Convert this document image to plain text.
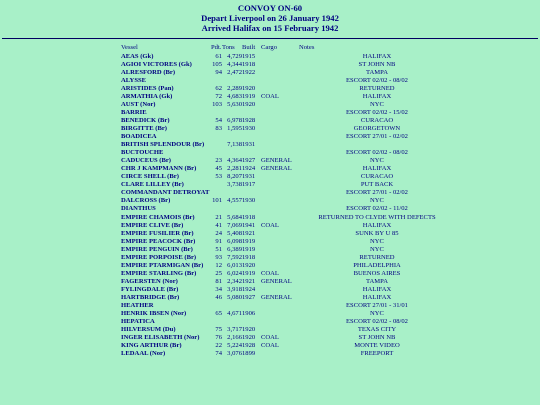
CONVOY ON-60
Depart Liverpool on 26 January 1942
Arrived Halifax on 15 February 1942
Vessel	Pdt.	Tons	Built	Cargo	Notes
AEAS (Gk)	61	4,729	1915		HALIFAX
AGIOI VICTORES (Gk)	105	4,344	1918		ST JOHN NB
ALRESFORD (Br)	94	2,472	1922		TAMPA
ALYSSE					ESCORT 02/02 - 08/02
ARISTIDES (Pan)	62	2,289	1920		RETURNED
ARMATHIA (Gk)	72	4,683	1919	COAL	HALIFAX
AUST (Nor)	103	5,630	1920		NYC
BARRIE					ESCORT 02/02 - 15/02
BENEDICK (Br)	54	6,978	1928		CURACAO
BIRGITTE (Br)	83	1,595	1930		GEORGETOWN
BOADICEA					ESCORT 27/01 - 02/02
BRITISH SPLENDOUR (Br)		7,138	1931		
BUCTOUCHE					ESCORT 02/02 - 08/02
CADUCEUS (Br)	23	4,364	1927	GENERAL	NYC
CHR J KAMPMANN (Br)	45	2,281	1924	GENERAL	HALIFAX
CIRCE SHELL (Br)	53	8,207	1931		CURACAO
CLARE LILLEY (Br)		3,738	1917		PUT BACK
COMMANDANT DETROYAT					ESCORT 27/01 - 02/02
DALCROSS (Br)	101	4,557	1930		NYC
DIANTHUS					ESCORT 02/02 - 11/02
EMPIRE CHAMOIS (Br)	21	5,684	1918		RETURNED TO CLYDE WITH DEFECTS
EMPIRE CLIVE (Br)	41	7,069	1941	COAL	HALIFAX
EMPIRE FUSILIER (Br)	24	5,408	1921		SUNK BY U 85
EMPIRE PEACOCK (Br)	91	6,098	1919		NYC
EMPIRE PENGUIN (Br)	51	6,389	1919		NYC
EMPIRE PORPOISE (Br)	93	7,592	1918		RETURNED
EMPIRE PTARMIGAN (Br)	12	6,013	1920		PHILADELPHIA
EMPIRE STARLING (Br)	25	6,024	1919	COAL	BUENOS AIRES
FAGERSTEN (Nor)	81	2,342	1921	GENERAL	TAMPA
FYLINGDALE (Br)	34	3,918	1924		HALIFAX
HARTBRIDGE (Br)	46	5,080	1927	GENERAL	HALIFAX
HEATHER					ESCORT 27/01 - 31/01
HENRIK IBSEN (Nor)	65	4,671	1906		NYC
HEPATICA					ESCORT 02/02 - 08/02
HILVERSUM (Du)	75	3,717	1920		TEXAS CITY
INGER ELISABETH (Nor)	76	2,166	1920	COAL	ST JOHN NB
KING ARTHUR (Br)	22	5,224	1928	COAL	MONTE VIDEO
LEDAAL (Nor)	74	3,076	1899		FREEPORT
